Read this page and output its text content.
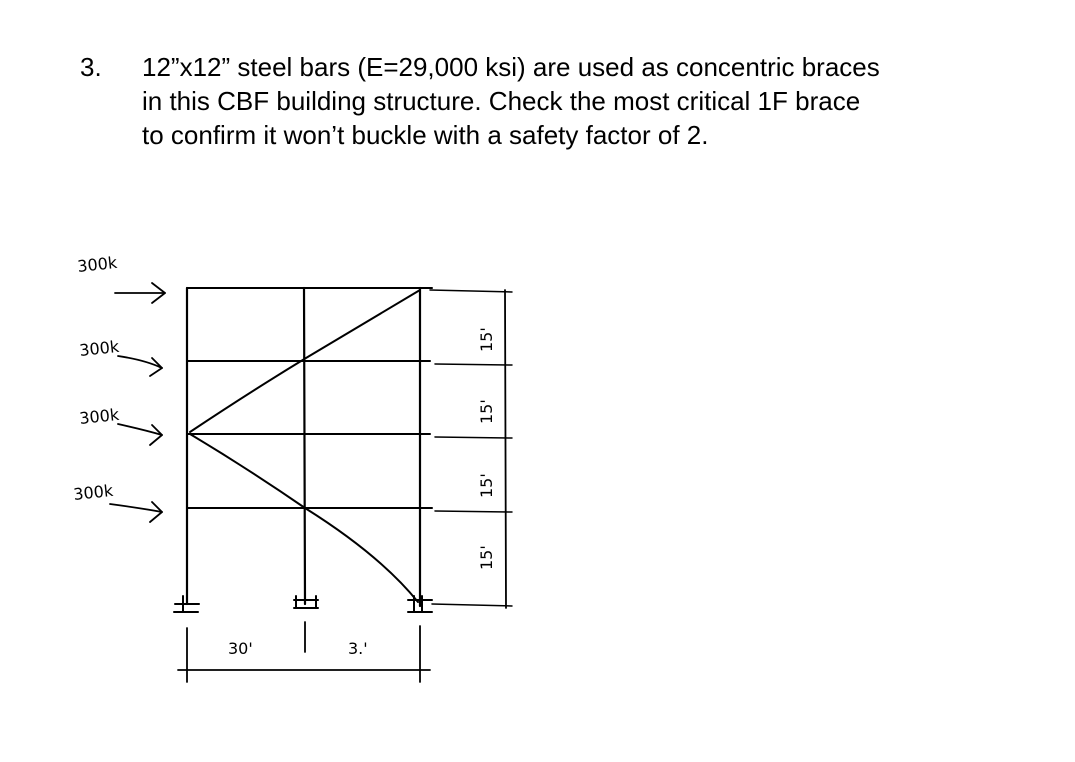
3. 12”x12” steel bars (E=29,000 ksi) are used as concentric braces
in this CBF building structure. Check the most critical 1F brace
to confirm it won’t buckle with a safety factor of 2.
30'	3.'
15'
15'
15'
15'
300k
300k
300k
300k
